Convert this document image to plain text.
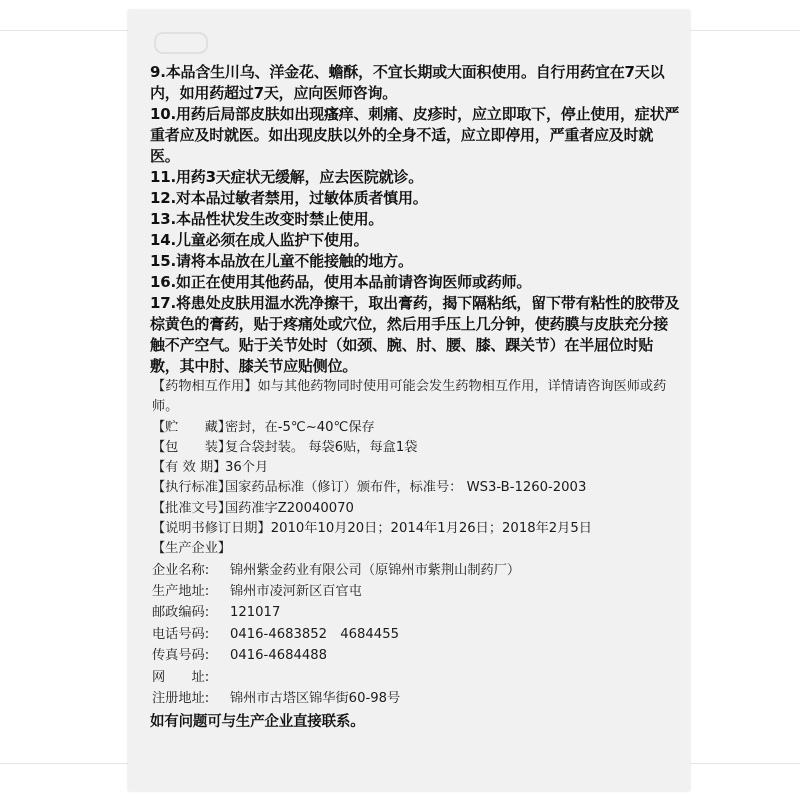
9.本品含生川乌、洋金花、蟾酥，不宜长期或大面积使用。自行用药宜在7天以内，如用药超过7天，应向医师咨询。

10.用药后局部皮肤如出现瘙痒、刺痛、皮疹时，应立即取下，停止使用，症状严重者应及时就医。如出现皮肤以外的全身不适，应立即停用，严重者应及时就医。

11.用药3天症状无缓解，应去医院就诊。

12.对本品过敏者禁用，过敏体质者慎用。

13.本品性状发生改变时禁止使用。

14.儿童必须在成人监护下使用。

15.请将本品放在儿童不能接触的地方。

16.如正在使用其他药品，使用本品前请咨询医师或药师。

17.将患处皮肤用温水洗净擦干，取出膏药，揭下隔粘纸，留下带有粘性的胶带及棕黄色的膏药，贴于疼痛处或穴位，然后用手压上几分钟，使药膜与皮肤充分接触不产空气。贴于关节处时（如颈、腕、肘、腰、膝、踝关节）在半屈位时贴敷，其中肘、膝关节应贴侧位。

【药物相互作用】如与其他药物同时使用可能会发生药物相互作用，详情请咨询医师或药师。

【贮　　藏】密封，在-5℃~40℃保存

【包　　装】复合袋封装。 每袋6贴，每盒1袋

【有 效 期】36个月

【执行标准】国家药品标准（修订）颁布件，标准号： WS3-B-1260-2003

【批准文号】国药准字Z20040070

【说明书修订日期】2010年10月20日；2014年1月26日；2018年2月5日

【生产企业】

企业名称: 锦州紫金药业有限公司（原锦州市紫荆山制药厂）
生产地址: 锦州市凌河新区百官屯
邮政编码: 121017
电话号码: 0416-4683852　4684455
传真号码: 0416-4684488
网　　址:
注册地址: 锦州市古塔区锦华街60-98号

如有问题可与生产企业直接联系。
